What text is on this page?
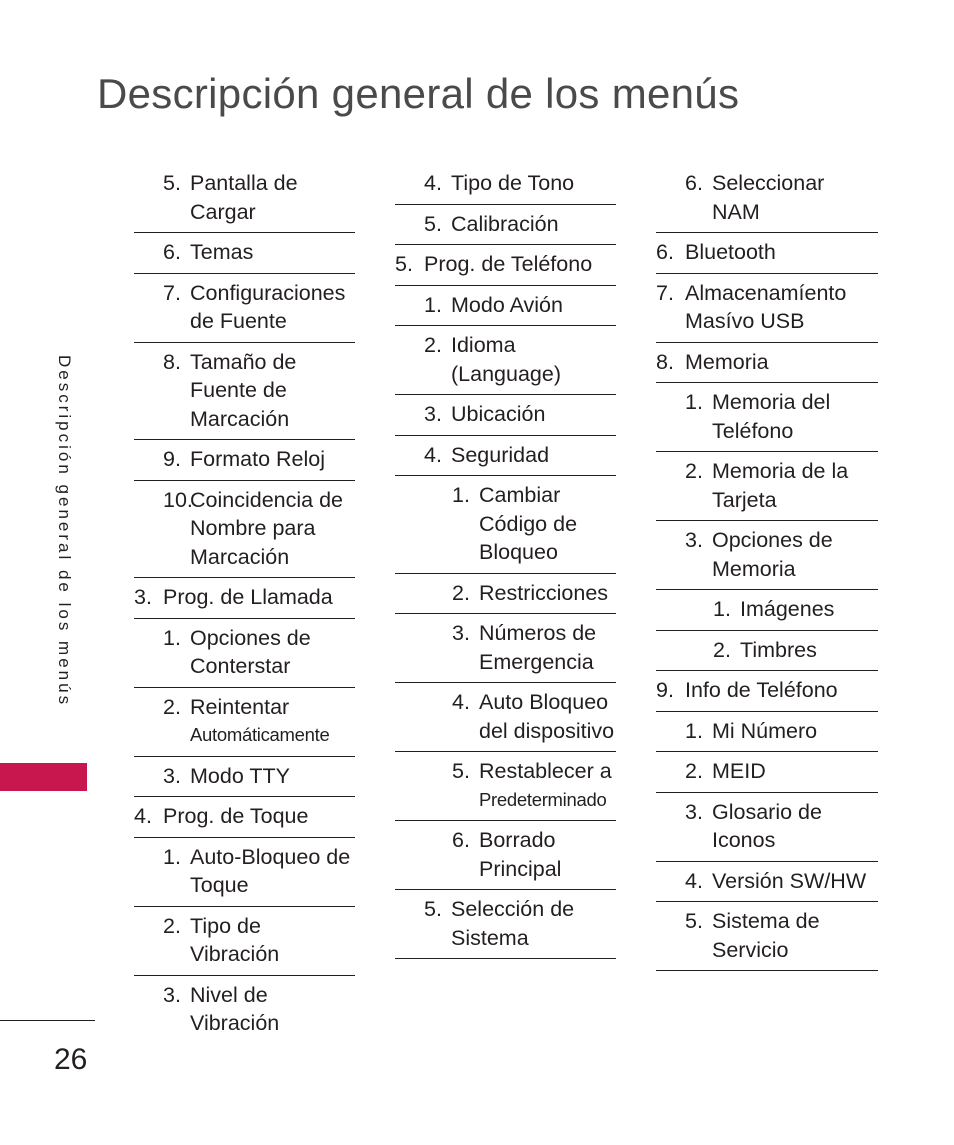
Descripción general de los menús
Descripción general de los menús
26
5. Pantalla de Cargar
6. Temas
7. Configuraciones de Fuente
8. Tamaño de Fuente de Marcación
9. Formato Reloj
10.
Coincidencia de Nombre para Marcación
3. Prog. de Llamada
1. Opciones de Conterstar
2. Reintentar
Automáticamente
3. Modo TTY
4. Prog. de Toque
1. Auto-Bloqueo de Toque
2. Tipo de Vibración
3. Nivel de Vibración
4. Tipo de Tono
5. Calibración
5. Prog. de Teléfono
1. Modo Avión
2. Idioma (Language)
3. Ubicación
4. Seguridad
1. Cambiar Código de Bloqueo
2. Restricciones
3. Números de Emergencia
4. Auto Bloqueo del dispositivo
5. Restablecer a
Predeterminado
6. Borrado Principal
5. Selección de Sistema
6. Seleccionar NAM
6. Bluetooth
7. Almacenamíento Masívo USB
8. Memoria
1. Memoria del Teléfono
2. Memoria de la Tarjeta
3. Opciones de Memoria
1. Imágenes
2. Timbres
9. Info de Teléfono
1. Mi Número
2. MEID
3. Glosario de Iconos
4. Versión SW/HW
5. Sistema de Servicio
